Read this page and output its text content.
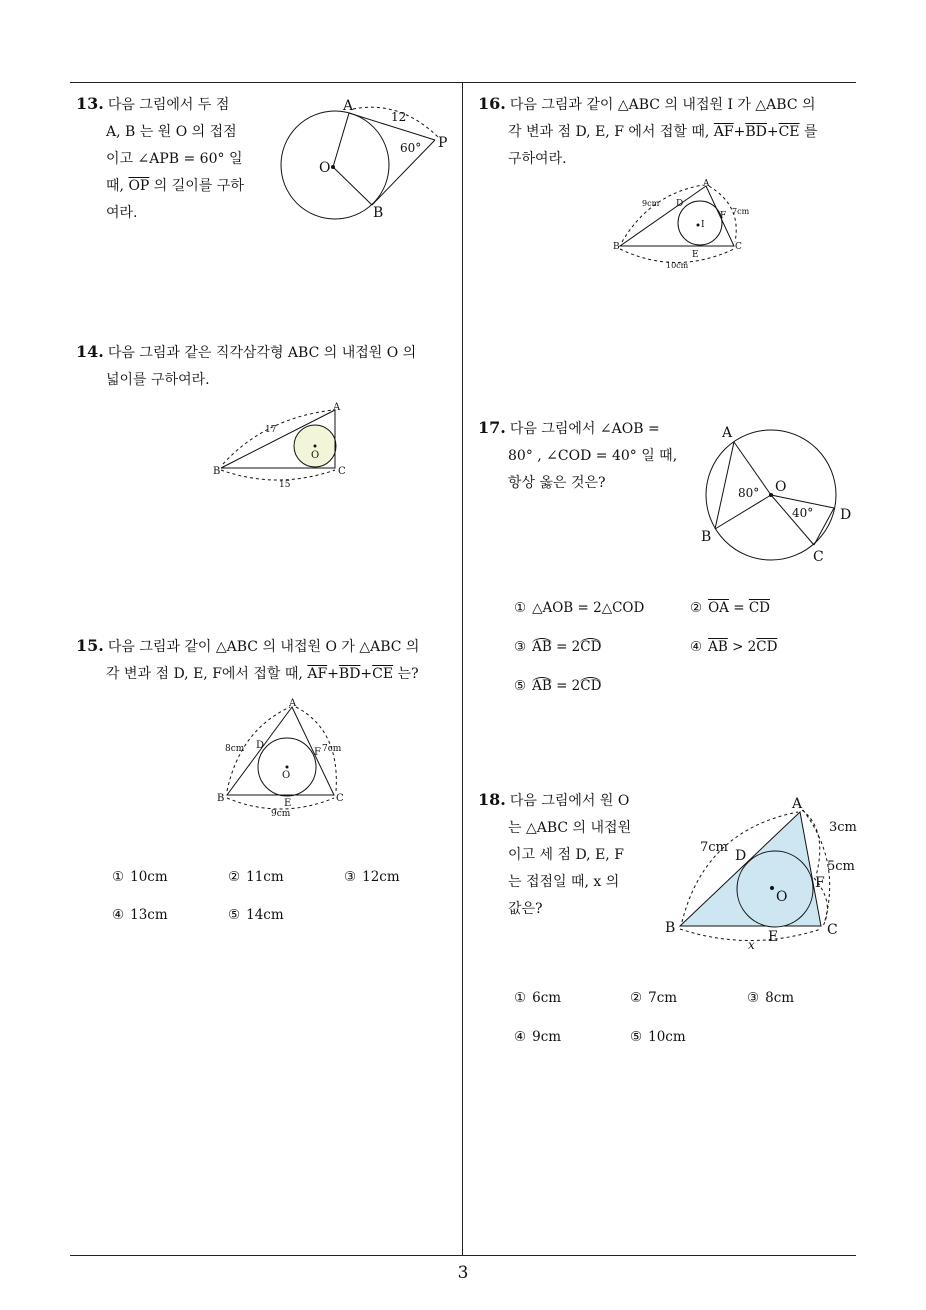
13. 다음 그림에서 두 점
A, B 는 원 O 의 접점
이고 ∠APB = 60° 일
때, $\overline{OP}$ 의 길이를 구하
여라.
A
B
O
P
12
60°
14. 다음 그림과 같은 직각삼각형 ABC 의 내접원 O 의
넓이를 구하여라.
A
B	C
O
17
15
15. 다음 그림과 같이 △ABC 의 내접원 O 가 △ABC 의
각 변과 점 D, E, F에서 접할 때, $\overline{AF}+\overline{BD}+\overline{CE}$ 는?
A
B	C
D
E
F
O
8cm	7cm
9cm
① 10cm	② 11cm	③ 12cm
④ 13cm	⑤ 14cm
16. 다음 그림과 같이 △ABC 의 내접원 I 가 △ABC 의
각 변과 점 D, E, F 에서 접할 때, $\overline{AF}+\overline{BD}+\overline{CE}$ 를
구하여라.
A
B	C
D
E
F
I
9cm
7cm
10cm
17. 다음 그림에서 ∠AOB =
80° , ∠COD = 40° 일 때,
항상 옳은 것은?
A
B
C
D
O
80°
40°
① △AOB = 2△COD	② $\overline{OA} = \overline{CD}$
③ AB = 2CD	④ $\overline{AB} > 2\overline{CD}$
⑤ AB = 2CD
18. 다음 그림에서 원 O
는 △ABC 의 내접원
이고 세 점 D, E, F
는 접점일 때, x 의
값은?
A
B	C
D
E
F
O
7cm
3cm
5cm
x
① 6cm	② 7cm	③ 8cm
④ 9cm	⑤ 10cm
3
